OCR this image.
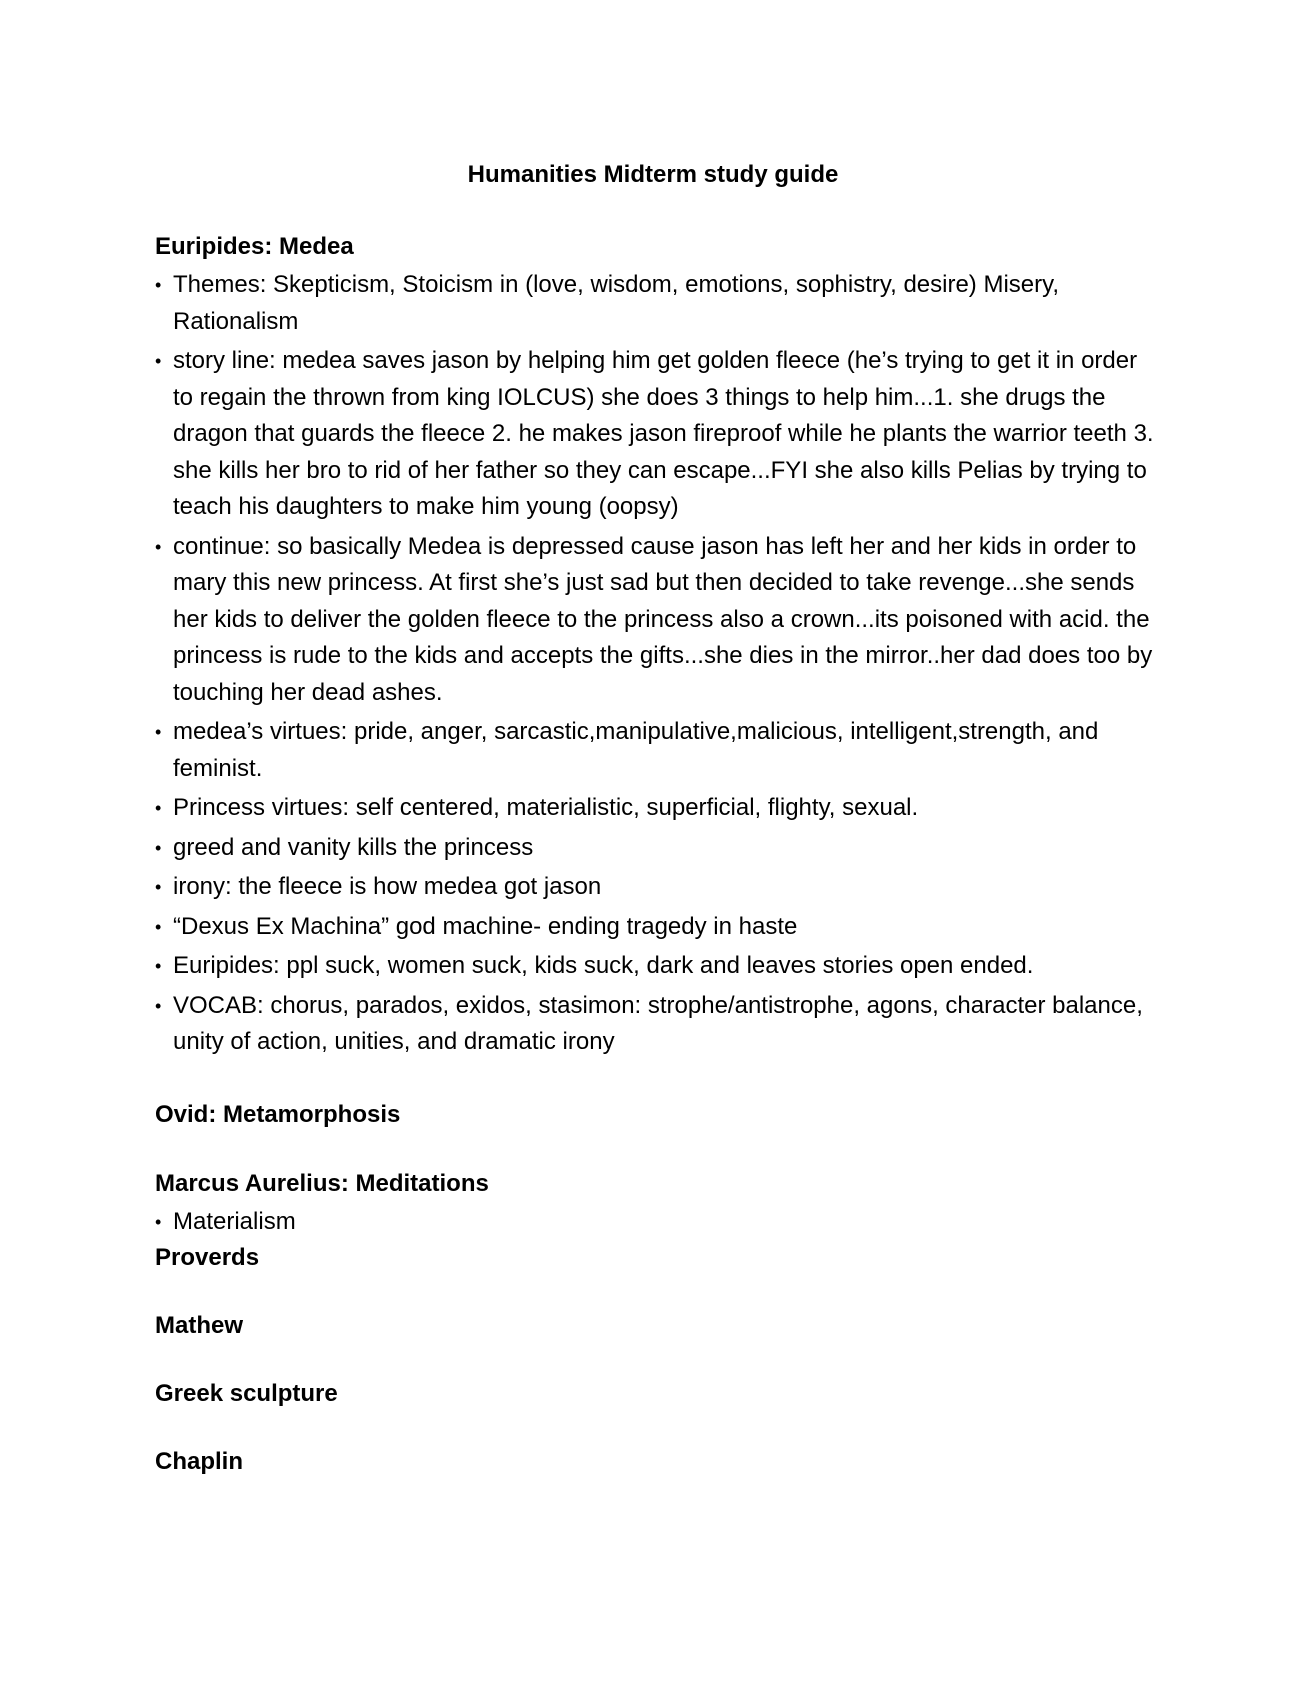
Humanities Midterm study guide
Euripides: Medea
• Themes: Skepticism, Stoicism in (love, wisdom, emotions, sophistry, desire) Misery, Rationalism
• story line: medea saves jason by helping him get golden fleece (he’s trying to get it in order to regain the thrown from king IOLCUS) she does 3 things to help him...1. she drugs the dragon that guards the fleece 2. he makes jason fireproof while he plants the warrior teeth 3. she kills her bro to rid of her father so they can escape...FYI she also kills Pelias by trying to teach his daughters to make him young (oopsy)
• continue: so basically Medea is depressed cause jason has left her and her kids in order to mary this new princess. At first she’s just sad but then decided to take revenge...she sends her kids to deliver the golden fleece to the princess also a crown...its poisoned with acid. the princess is rude to the kids and accepts the gifts...she dies in the mirror..her dad does too by touching her dead ashes.
• medea’s virtues: pride, anger, sarcastic,manipulative,malicious, intelligent,strength, and feminist.
• Princess virtues: self centered, materialistic, superficial, flighty, sexual.
• greed and vanity kills the princess
• irony: the fleece is how medea got jason
• “Dexus Ex Machina” god machine- ending tragedy in haste
• Euripides: ppl suck, women suck, kids suck, dark and leaves stories open ended.
• VOCAB: chorus, parados, exidos, stasimon: strophe/antistrophe, agons, character balance, unity of action, unities, and dramatic irony
Ovid: Metamorphosis
Marcus Aurelius: Meditations
• Materialism
Proverds
Mathew
Greek sculpture
Chaplin
